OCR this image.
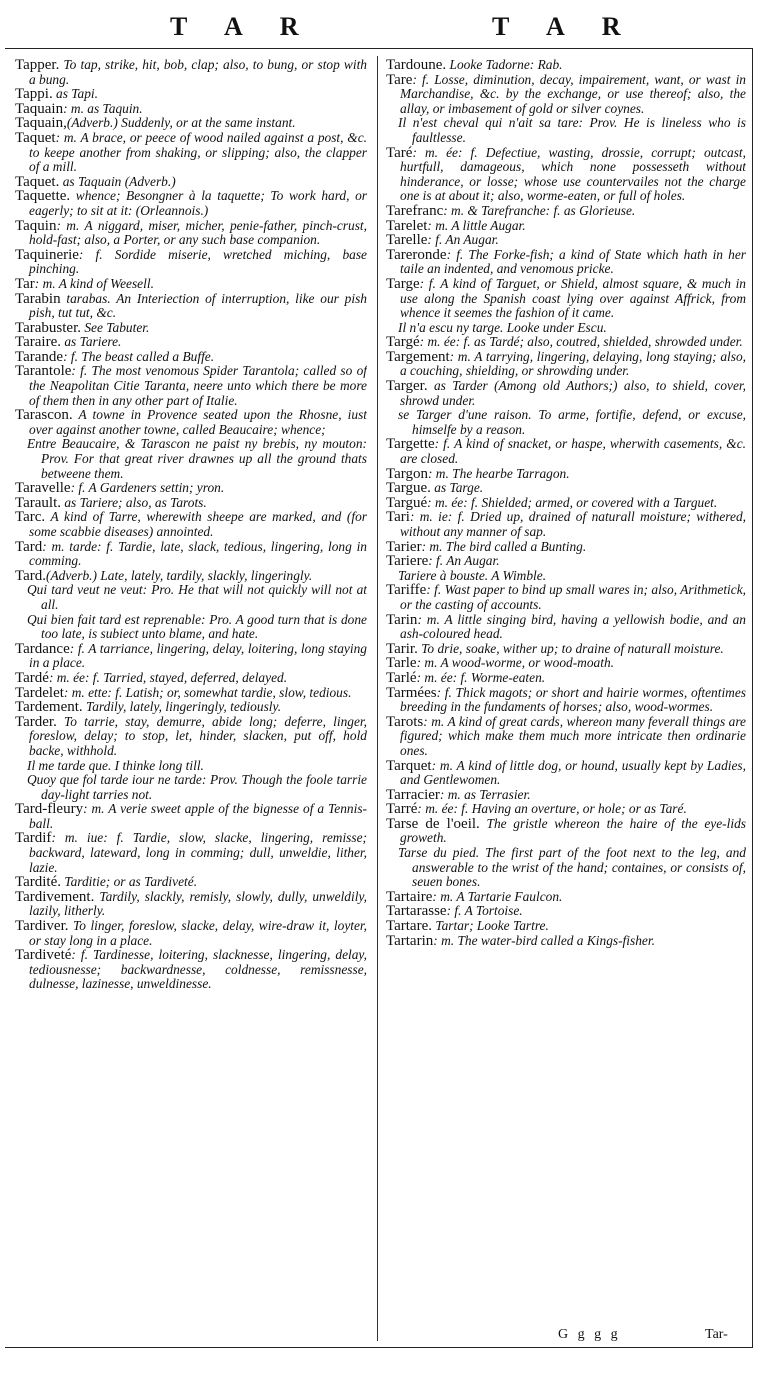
T A R	T A R

Tapper. To tap, strike, hit, bob, clap; also, to bung, or stop with a bung.

Tappi. as Tapi.

Taquain: m. as Taquin.

Taquain,(Adverb.) Suddenly, or at the same instant.

Taquet: m. A brace, or peece of wood nailed against a post, &c. to keepe another from shaking, or slipping; also, the clapper of a mill.

Taquet. as Taquain (Adverb.)

Taquette. whence; Besongner à la taquette; To work hard, or eagerly; to sit at it: (Orleannois.)

Taquin: m. A niggard, miser, micher, penie-father, pinch-crust, hold-fast; also, a Porter, or any such base companion.

Taquinerie: f. Sordide miserie, wretched miching, base pinching.

Tar: m. A kind of Weesell.

Tarabin tarabas. An Interiection of interruption, like our pish pish, tut tut, &c.

Tarabuster. See Tabuter.

Taraire. as Tariere.

Tarande: f. The beast called a Buffe.

Tarantole: f. The most venomous Spider Tarantola; called so of the Neapolitan Citie Taranta, neere unto which there be more of them then in any other part of Italie.

Tarascon. A towne in Provence seated upon the Rhosne, iust over against another towne, called Beaucaire; whence;

Entre Beaucaire, & Tarascon ne paist ny brebis, ny mouton: Prov. For that great river drawnes up all the ground thats betweene them.

Taravelle: f. A Gardeners settin; yron.

Tarault. as Tariere; also, as Tarots.

Tarc. A kind of Tarre, wherewith sheepe are marked, and (for some scabbie diseases) annointed.

Tard: m. tarde: f. Tardie, late, slack, tedious, lingering, long in comming.

Tard.(Adverb.) Late, lately, tardily, slackly, lingeringly.

Qui tard veut ne veut: Pro. He that will not quickly will not at all.

Qui bien fait tard est reprenable: Pro. A good turn that is done too late, is subiect unto blame, and hate.

Tardance: f. A tarriance, lingering, delay, loitering, long staying in a place.

Tardé: m. ée: f. Tarried, stayed, deferred, delayed.

Tardelet: m. ette: f. Latish; or, somewhat tardie, slow, tedious.

Tardement. Tardily, lately, lingeringly, tediously.

Tarder. To tarrie, stay, demurre, abide long; deferre, linger, foreslow, delay; to stop, let, hinder, slacken, put off, hold backe, withhold.

Il me tarde que. I thinke long till.

Quoy que fol tarde iour ne tarde: Prov. Though the foole tarrie day-light tarries not.

Tard-fleury: m. A verie sweet apple of the bignesse of a Tennis-ball.

Tardif: m. iue: f. Tardie, slow, slacke, lingering, remisse; backward, lateward, long in comming; dull, unweldie, lither, lazie.

Tardité. Tarditie; or as Tardiveté.

Tardivement. Tardily, slackly, remisly, slowly, dully, unweldily, lazily, litherly.

Tardiver. To linger, foreslow, slacke, delay, wire-draw it, loyter, or stay long in a place.

Tardiveté: f. Tardinesse, loitering, slacknesse, lingering, delay, tediousnesse; backwardnesse, coldnesse, remissnesse, dulnesse, lazinesse, unweldinesse.

Tardoune. Looke Tadorne: Rab.

Tare: f. Losse, diminution, decay, impairement, want, or wast in Marchandise, &c. by the exchange, or use thereof; also, the allay, or imbasement of gold or silver coynes.

Il n'est cheval qui n'ait sa tare: Prov. He is lineless who is faultlesse.

Taré: m. ée: f. Defectiue, wasting, drossie, corrupt; outcast, hurtfull, damageous, which none possesseth without hinderance, or losse; whose use countervailes not the charge one is at about it; also, worme-eaten, or full of holes.

Tarefranc: m. & Tarefranche: f. as Glorieuse.

Tarelet: m. A little Augar.

Tarelle: f. An Augar.

Tareronde: f. The Forke-fish; a kind of State which hath in her taile an indented, and venomous pricke.

Targe: f. A kind of Targuet, or Shield, almost square, & much in use along the Spanish coast lying over against Affrick, from whence it seemes the fashion of it came.

Il n'a escu ny targe. Looke under Escu.

Targé: m. ée: f. as Tardé; also, coutred, shielded, shrowded under.

Targement: m. A tarrying, lingering, delaying, long staying; also, a couching, shielding, or shrowding under.

Targer. as Tarder (Among old Authors;) also, to shield, cover, shrowd under.

se Targer d'une raison. To arme, fortifie, defend, or excuse, himselfe by a reason.

Targette: f. A kind of snacket, or haspe, wherwith casements, &c. are closed.

Targon: m. The hearbe Tarragon.

Targue. as Targe.

Targué: m. ée: f. Shielded; armed, or covered with a Targuet.

Tari: m. ie: f. Dried up, drained of naturall moisture; withered, without any manner of sap.

Tarier: m. The bird called a Bunting.

Tariere: f. An Augar.

Tariere à bouste. A Wimble.

Tariffe: f. Wast paper to bind up small wares in; also, Arithmetick, or the casting of accounts.

Tarin: m. A little singing bird, having a yellowish bodie, and an ash-coloured head.

Tarir. To drie, soake, wither up; to draine of naturall moisture.

Tarle: m. A wood-worme, or wood-moath.

Tarlé: m. ée: f. Worme-eaten.

Tarmées: f. Thick magots; or short and hairie wormes, oftentimes breeding in the fundaments of horses; also, wood-wormes.

Tarots: m. A kind of great cards, whereon many feverall things are figured; which make them much more intricate then ordinarie ones.

Tarquet: m. A kind of little dog, or hound, usually kept by Ladies, and Gentlewomen.

Tarracier: m. as Terrasier.

Tarré: m. ée: f. Having an overture, or hole; or as Taré.

Tarse de l'oeil. The gristle whereon the haire of the eye-lids groweth.

Tarse du pied. The first part of the foot next to the leg, and answerable to the wrist of the hand; containes, or consists of, seuen bones.

Tartaire: m. A Tartarie Faulcon.

Tartarasse: f. A Tortoise.

Tartare. Tartar; Looke Tartre.

Tartarin: m. The water-bird called a Kings-fisher.

G g g g	Tar-
